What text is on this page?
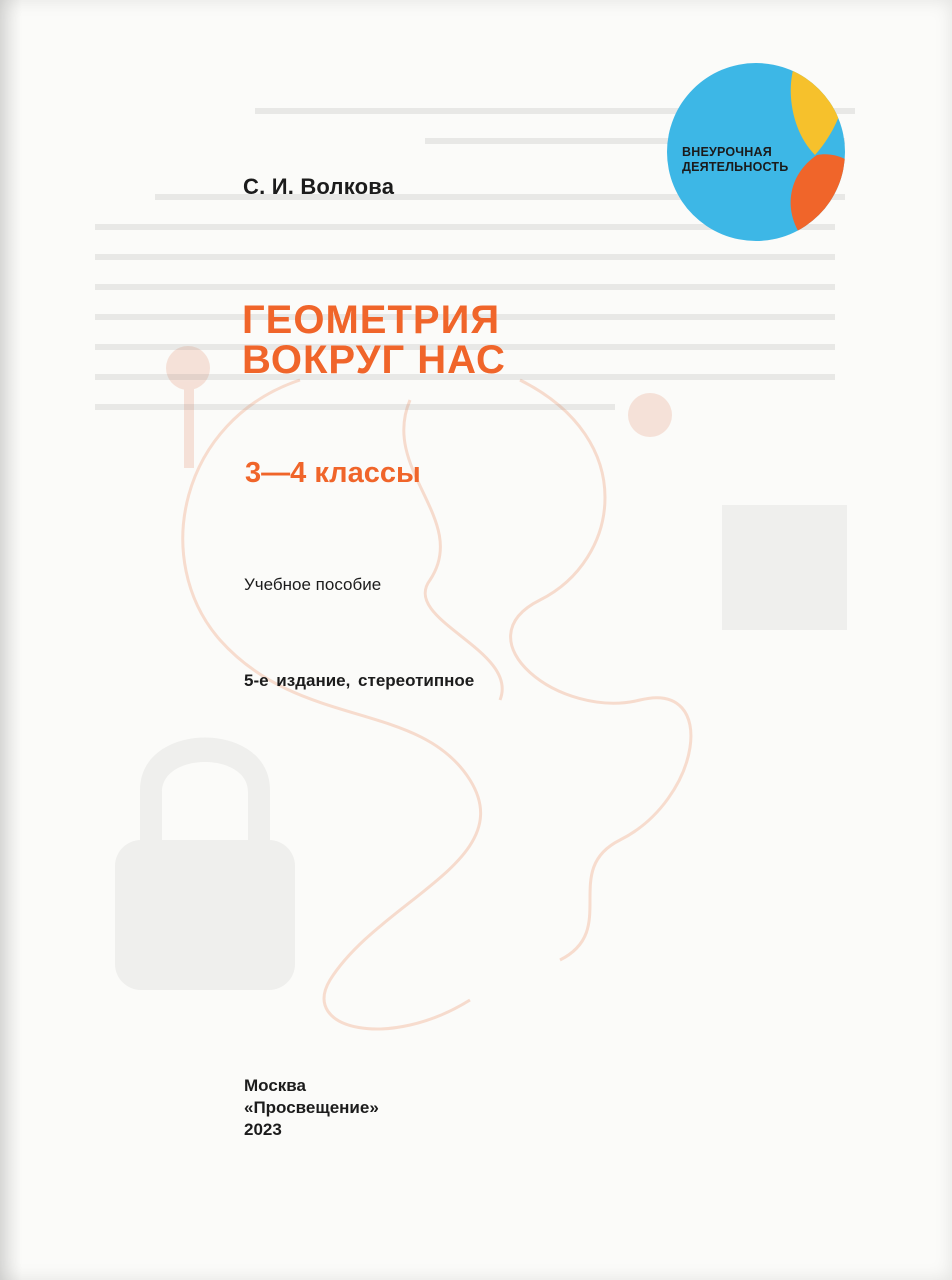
ВНЕУРОЧНАЯ
ДЕЯТЕЛЬНОСТЬ
С. И. Волкова
ГЕОМЕТРИЯ
ВОКРУГ НАС
3—4 классы
Учебное пособие
5-е издание, стереотипное
Москва
«Просвещение»
2023
